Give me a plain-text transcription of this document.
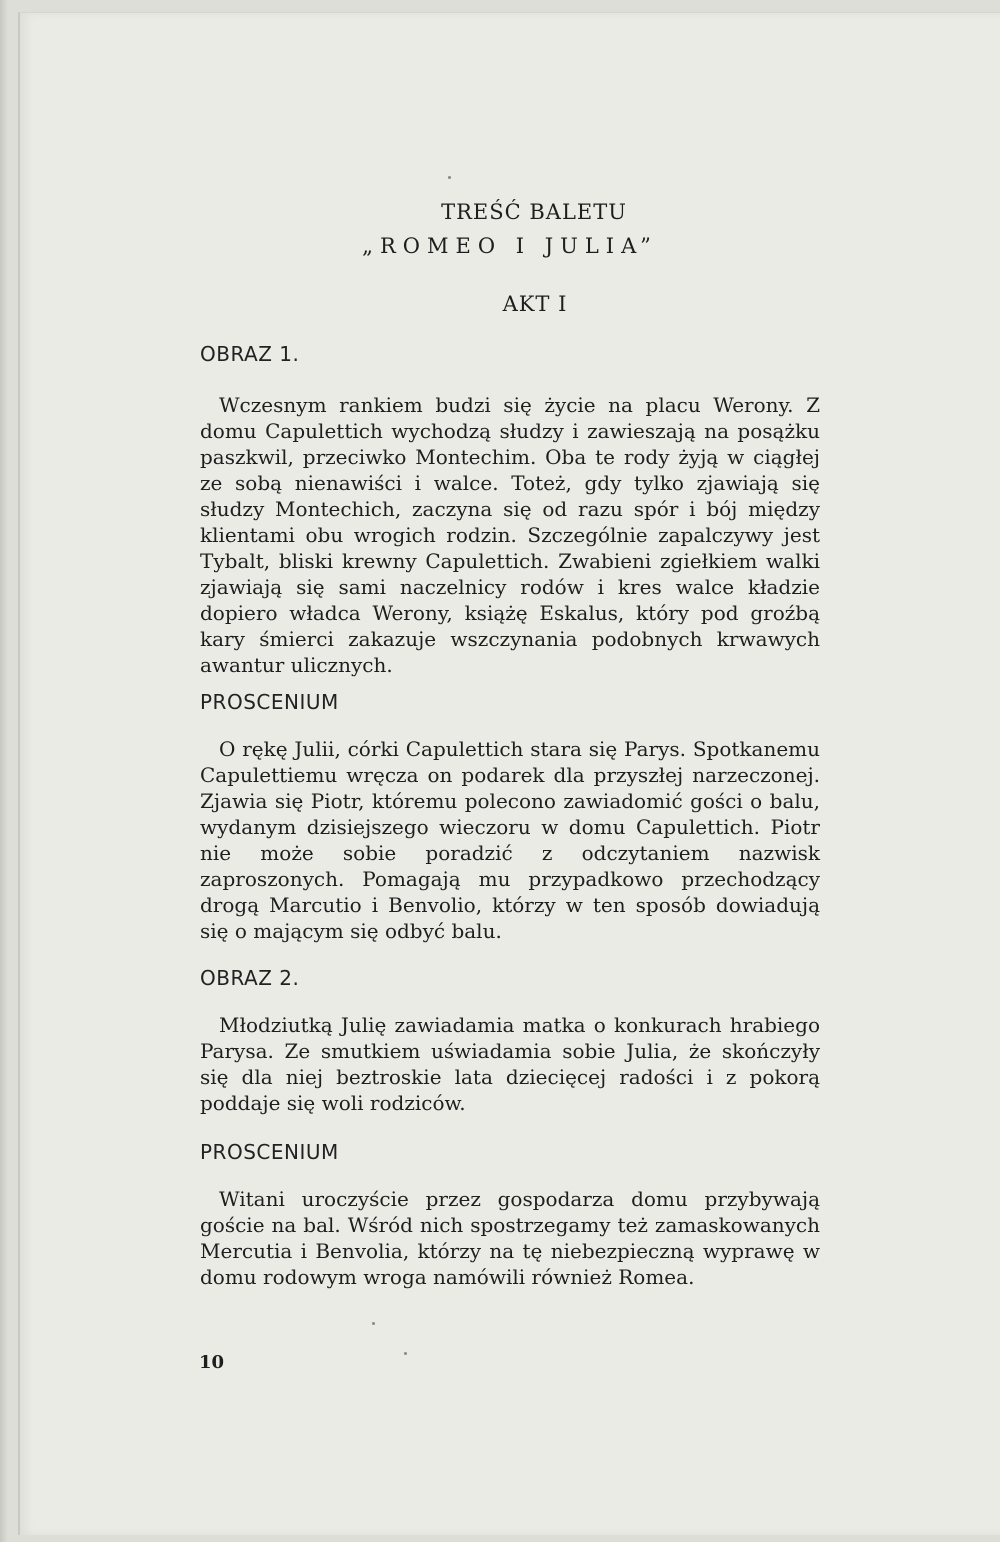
TREŚĆ BALETU
„ROMEO I JULIA”
AKT I
OBRAZ 1.
Wczesnym rankiem budzi się życie na placu Werony. Z domu Capulettich wychodzą słudzy i zawieszają na posążku paszkwil, przeciwko Montechim. Oba te rody żyją w ciągłej ze sobą nienawiści i walce. Toteż, gdy tylko zjawiają się słudzy Montechich, zaczyna się od razu spór i bój między klientami obu wrogich rodzin. Szczególnie zapalczywy jest Tybalt, bliski krewny Capulettich. Zwabieni zgiełkiem walki zjawiają się sami naczelnicy rodów i kres walce kładzie dopiero władca Werony, książę Eskalus, który pod groźbą kary śmierci zakazuje wszczynania podobnych krwawych awantur ulicznych.
PROSCENIUM
O rękę Julii, córki Capulettich stara się Parys. Spotkanemu Capulettiemu wręcza on podarek dla przyszłej narzeczonej. Zjawia się Piotr, któremu polecono zawiadomić gości o balu, wydanym dzisiejszego wieczoru w domu Capulettich. Piotr nie może sobie poradzić z odczytaniem nazwisk zaproszonych. Pomagają mu przypadkowo przechodzący drogą Marcutio i Benvolio, którzy w ten sposób dowiadują się o mającym się odbyć balu.
OBRAZ 2.
Młodziutką Julię zawiadamia matka o konkurach hrabiego Parysa. Ze smutkiem uświadamia sobie Julia, że skończyły się dla niej beztroskie lata dziecięcej radości i z pokorą poddaje się woli rodziców.
PROSCENIUM
Witani uroczyście przez gospodarza domu przybywają goście na bal. Wśród nich spostrzegamy też zamaskowanych Mercutia i Benvolia, którzy na tę niebezpieczną wyprawę w domu rodowym wroga namówili również Romea.
10
